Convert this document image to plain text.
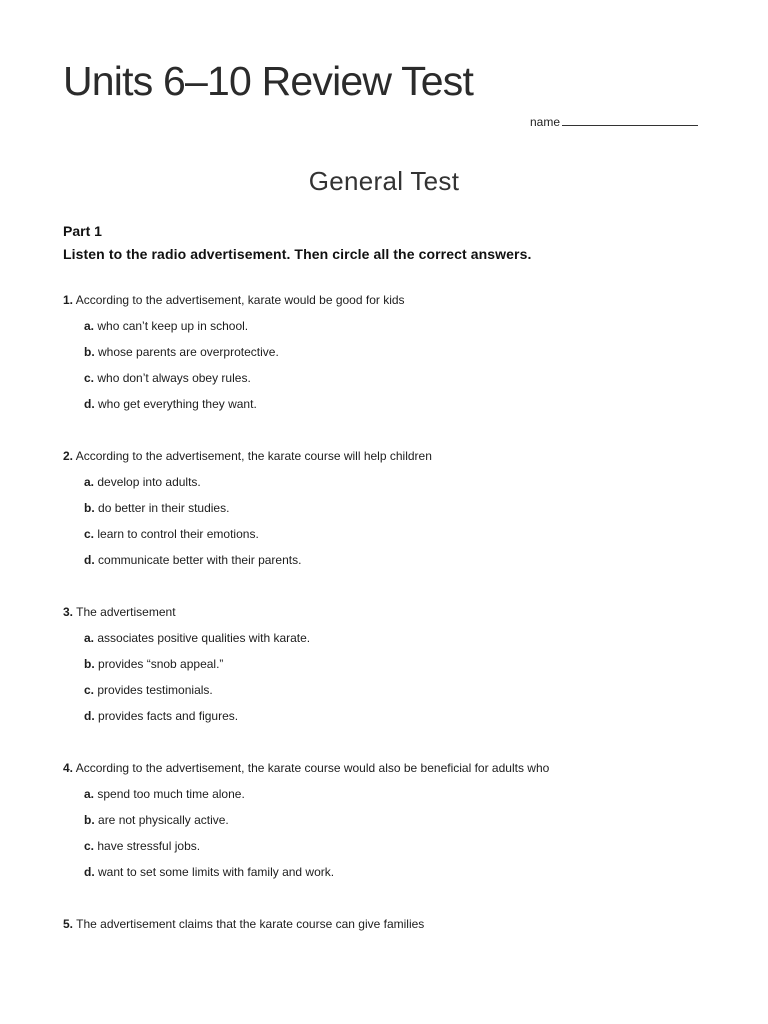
Units 6–10 Review Test
name
General Test
Part 1
Listen to the radio advertisement. Then circle all the correct answers.
1. According to the advertisement, karate would be good for kids
a. who can’t keep up in school.
b. whose parents are overprotective.
c. who don’t always obey rules.
d. who get everything they want.
2. According to the advertisement, the karate course will help children
a. develop into adults.
b. do better in their studies.
c. learn to control their emotions.
d. communicate better with their parents.
3. The advertisement
a. associates positive qualities with karate.
b. provides “snob appeal.”
c. provides testimonials.
d. provides facts and figures.
4. According to the advertisement, the karate course would also be beneficial for adults who
a. spend too much time alone.
b. are not physically active.
c. have stressful jobs.
d. want to set some limits with family and work.
5. The advertisement claims that the karate course can give families
